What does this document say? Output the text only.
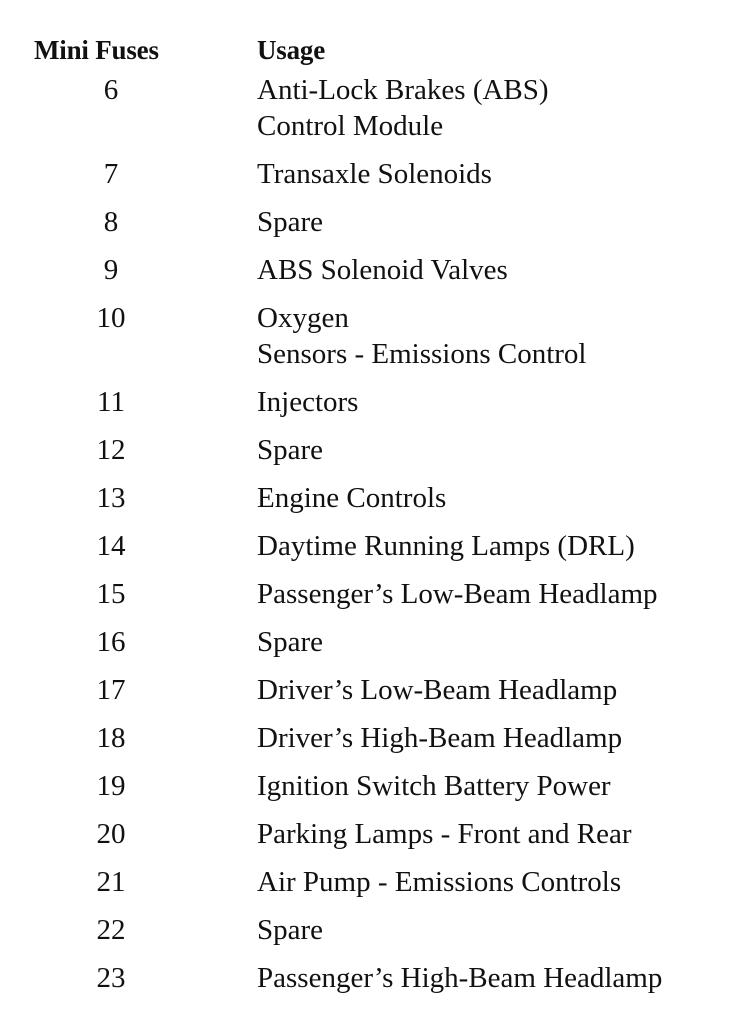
Mini Fuses	Usage
6	Anti-Lock Brakes (ABS)
Control Module
7	Transaxle Solenoids
8	Spare
9	ABS Solenoid Valves
10	Oxygen
Sensors - Emissions Control
11	Injectors
12	Spare
13	Engine Controls
14	Daytime Running Lamps (DRL)
15	Passenger’s Low-Beam Headlamp
16	Spare
17	Driver’s Low-Beam Headlamp
18	Driver’s High-Beam Headlamp
19	Ignition Switch Battery Power
20	Parking Lamps - Front and Rear
21	Air Pump - Emissions Controls
22	Spare
23	Passenger’s High-Beam Headlamp
